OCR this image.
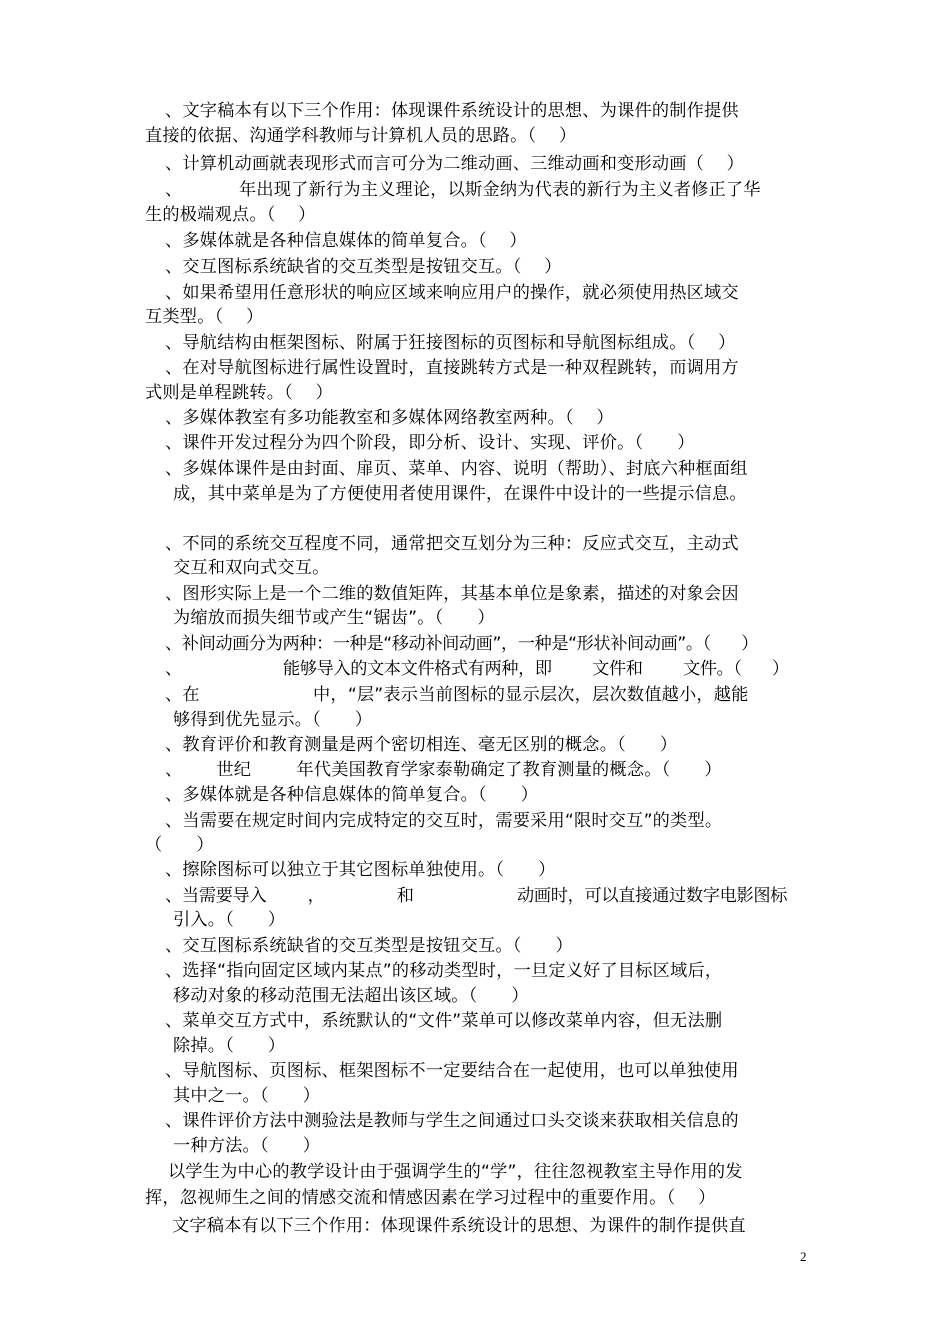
、文字稿本有以下三个作用：体现课件系统设计的思想、为课件的制作提供
直接的依据、沟通学科教师与计算机人员的思路。（    ）
、计算机动画就表现形式而言可分为二维动画、三维动画和变形动画（    ）
、          年出现了新行为主义理论，以斯金纳为代表的新行为主义者修正了华
生的极端观点。（    ）
、多媒体就是各种信息媒体的简单复合。（    ）
、交互图标系统缺省的交互类型是按钮交互。（    ）
、如果希望用任意形状的响应区域来响应用户的操作，就必须使用热区域交
互类型。（    ）
、导航结构由框架图标、附属于狂接图标的页图标和导航图标组成。（    ）
、在对导航图标进行属性设置时，直接跳转方式是一种双程跳转，而调用方
式则是单程跳转。（    ）
、多媒体教室有多功能教室和多媒体网络教室两种。（    ）
、课件开发过程分为四个阶段，即分析、设计、实现、评价。（      ）
、多媒体课件是由封面、扉页、菜单、内容、说明（帮助）、封底六种框面组
成，其中菜单是为了方便使用者使用课件，在课件中设计的一些提示信息。
、不同的系统交互程度不同，通常把交互划分为三种：反应式交互，主动式
交互和双向式交互。
、图形实际上是一个二维的数值矩阵，其基本单位是象素，描述的对象会因
为缩放而损失细节或产生“锯齿”。（      ）
、补间动画分为两种：一种是“移动补间动画”，一种是“形状补间动画”。（      ）
、                    能够导入的文本文件格式有两种，即        文件和        文件。（      ）
、在                    中，“层”表示当前图标的显示层次，层次数值越小，越能
够得到优先显示。（      ）
、教育评价和教育测量是两个密切相连、毫无区别的概念。（      ）
、      世纪        年代美国教育学家泰勒确定了教育测量的概念。（      ）
、多媒体就是各种信息媒体的简单复合。（      ）
、当需要在规定时间内完成特定的交互时，需要采用“限时交互”的类型。
（      ）
、擦除图标可以独立于其它图标单独使用。（      ）
、当需要导入        ，              和                    动画时，可以直接通过数字电影图标
引入。（      ）
、交互图标系统缺省的交互类型是按钮交互。（      ）
、选择“指向固定区域内某点”的移动类型时，一旦定义好了目标区域后，
移动对象的移动范围无法超出该区域。（      ）
、菜单交互方式中，系统默认的“文件”菜单可以修改菜单内容，但无法删
除掉。（      ）
、导航图标、页图标、框架图标不一定要结合在一起使用，也可以单独使用
其中之一。（      ）
、课件评价方法中测验法是教师与学生之间通过口头交谈来获取相关信息的
一种方法。（      ）
以学生为中心的教学设计由于强调学生的“学”，往往忽视教室主导作用的发
挥，忽视师生之间的情感交流和情感因素在学习过程中的重要作用。（    ）
文字稿本有以下三个作用：体现课件系统设计的思想、为课件的制作提供直
2
